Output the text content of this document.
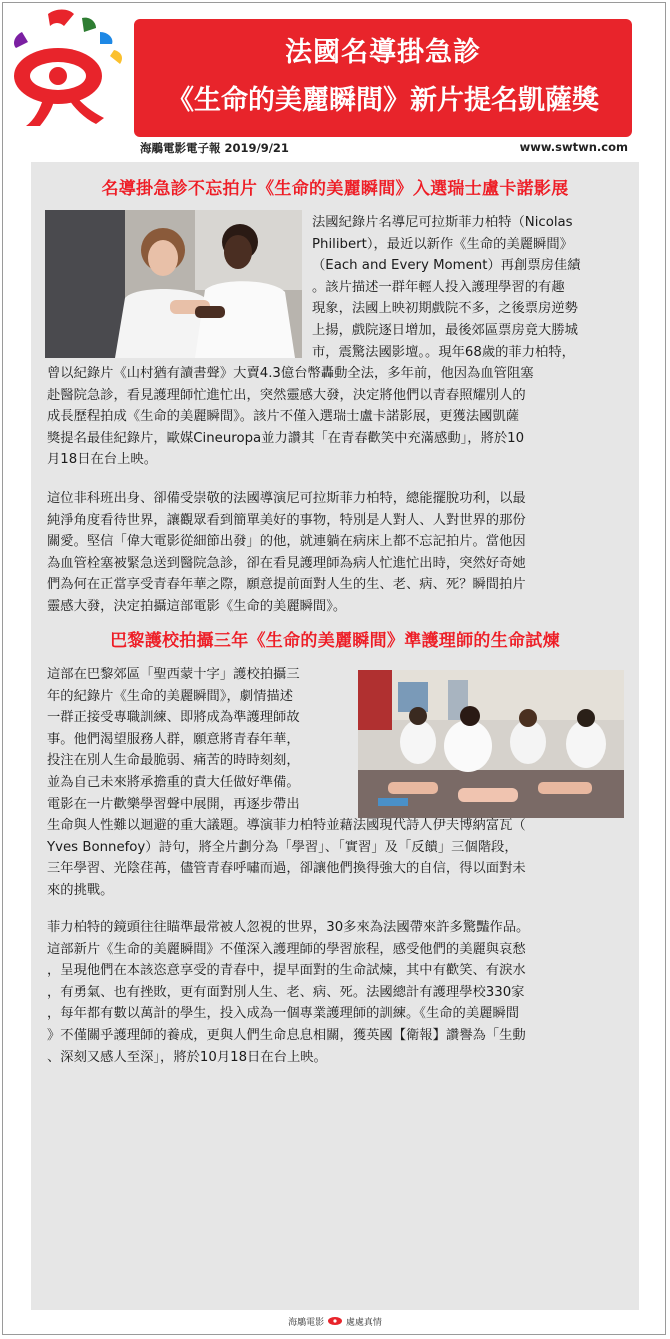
法國名導掛急診
《生命的美麗瞬間》新片提名凱薩獎
海鵰電影電子報 2019/9/21	www.swtwn.com
名導掛急診不忘拍片《生命的美麗瞬間》入選瑞士盧卡諾影展
法國紀錄片名導尼可拉斯菲力柏特（Nicolas
Philibert），最近以新作《生命的美麗瞬間》
（Each and Every Moment）再創票房佳績
。該片描述一群年輕人投入護理學習的有趣
現象，法國上映初期戲院不多，之後票房逆勢
上揚，戲院逐日增加，最後郊區票房竟大勝城
市，震驚法國影壇。。現年68歲的菲力柏特，
曾以紀錄片《山村猶有讀書聲》大賣4.3億台幣轟動全法，多年前，他因為血管阻塞
赴醫院急診，看見護理師忙進忙出，突然靈感大發，決定將他們以青春照耀別人的
成長歷程拍成《生命的美麗瞬間》。該片不僅入選瑞士盧卡諾影展，更獲法國凱薩
獎提名最佳紀錄片，歐媒Cineuropa並力讚其「在青春歡笑中充滿感動」，將於10
月18日在台上映。
這位非科班出身、卻備受崇敬的法國導演尼可拉斯菲力柏特，總能擺脫功利，以最
純淨角度看待世界，讓觀眾看到簡單美好的事物，特別是人對人、人對世界的那份
關愛。堅信「偉大電影從細節出發」的他，就連躺在病床上都不忘記拍片。當他因
為血管栓塞被緊急送到醫院急診，卻在看見護理師為病人忙進忙出時，突然好奇她
們為何在正當享受青春年華之際，願意提前面對人生的生、老、病、死？瞬間拍片
靈感大發，決定拍攝這部電影《生命的美麗瞬間》。
巴黎護校拍攝三年《生命的美麗瞬間》準護理師的生命試煉
這部在巴黎郊區「聖西蒙十字」護校拍攝三
年的紀錄片《生命的美麗瞬間》，劇情描述
一群正接受專職訓練、即將成為準護理師故
事。他們渴望服務人群，願意將青春年華，
投注在別人生命最脆弱、痛苦的時時刻刻，
並為自己未來將承擔重的責大任做好準備。
電影在一片歡樂學習聲中展開，再逐步帶出
生命與人性難以迴避的重大議題。導演菲力柏特並藉法國現代詩人伊夫博納富瓦（
Yves Bonnefoy）詩句，將全片劃分為「學習」、「實習」及「反饋」三個階段，
三年學習、光陰荏苒，儘管青春呼嘯而過，卻讓他們換得強大的自信，得以面對未
來的挑戰。
菲力柏特的鏡頭往往瞄準最常被人忽視的世界，30多來為法國帶來許多驚豔作品。
這部新片《生命的美麗瞬間》不僅深入護理師的學習旅程，感受他們的美麗與哀愁
，呈現他們在本該恣意享受的青春中，提早面對的生命試煉，其中有歡笑、有淚水
，有勇氣、也有挫敗，更有面對別人生、老、病、死。法國總計有護理學校330家
，每年都有數以萬計的學生，投入成為一個專業護理師的訓練。《生命的美麗瞬間
》不僅關乎護理師的養成，更與人們生命息息相關，獲英國【衛報】讚譽為「生動
、深刻又感人至深」，將於10月18日在台上映。
海鵰電影 處處真情
